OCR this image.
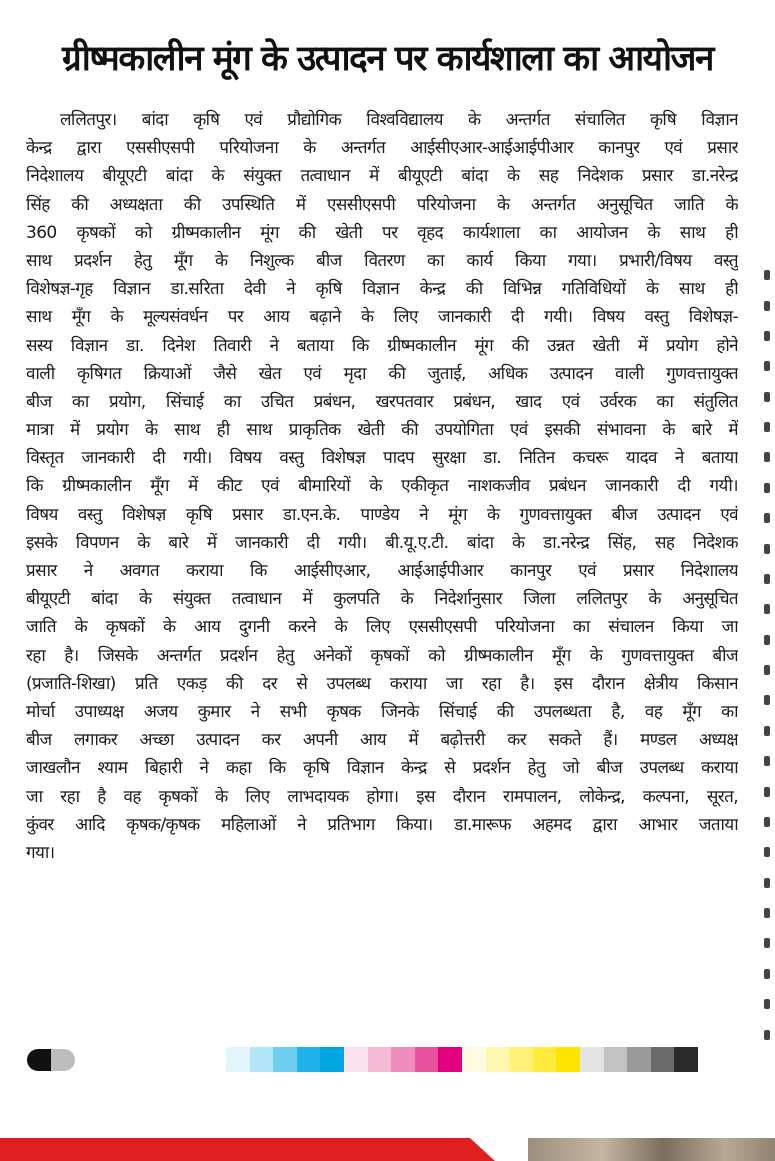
ग्रीष्मकालीन मूंग के उत्पादन पर कार्यशाला का आयोजन
ललितपुर। बांदा कृषि एवं प्रौद्योगिक विश्वविद्यालय के अन्तर्गत संचालित कृषि विज्ञान
केन्द्र द्वारा एससीएसपी परियोजना के अन्तर्गत आईसीएआर-आईआईपीआर कानपुर एवं प्रसार
निदेशालय बीयूएटी बांदा के संयुक्त तत्वाधान में बीयूएटी बांदा के सह निदेशक प्रसार डा.नरेन्द्र
सिंह की अध्यक्षता की उपस्थिति में एससीएसपी परियोजना के अन्तर्गत अनुसूचित जाति के
360 कृषकों को ग्रीष्मकालीन मूंग की खेती पर वृहद कार्यशाला का आयोजन के साथ ही
साथ प्रदर्शन हेतु मूँग के निशुल्क बीज वितरण का कार्य किया गया। प्रभारी/विषय वस्तु
विशेषज्ञ-गृह विज्ञान डा.सरिता देवी ने कृषि विज्ञान केन्द्र की विभिन्न गतिविधियों के साथ ही
साथ मूँग के मूल्यसंवर्धन पर आय बढ़ाने के लिए जानकारी दी गयी। विषय वस्तु विशेषज्ञ-
सस्य विज्ञान डा. दिनेश तिवारी ने बताया कि ग्रीष्मकालीन मूंग की उन्नत खेती में प्रयोग होने
वाली कृषिगत क्रियाओं जैसे खेत एवं मृदा की जुताई, अधिक उत्पादन वाली गुणवत्तायुक्त
बीज का प्रयोग, सिंचाई का उचित प्रबंधन, खरपतवार प्रबंधन, खाद एवं उर्वरक का संतुलित
मात्रा में प्रयोग के साथ ही साथ प्राकृतिक खेती की उपयोगिता एवं इसकी संभावना के बारे में
विस्तृत जानकारी दी गयी। विषय वस्तु विशेषज्ञ पादप सुरक्षा डा. नितिन कचरू यादव ने बताया
कि ग्रीष्मकालीन मूँग में कीट एवं बीमारियों के एकीकृत नाशकजीव प्रबंधन जानकारी दी गयी।
विषय वस्तु विशेषज्ञ कृषि प्रसार डा.एन.के. पाण्डेय ने मूंग के गुणवत्तायुक्त बीज उत्पादन एवं
इसके विपणन के बारे में जानकारी दी गयी। बी.यू.ए.टी. बांदा के डा.नरेन्द्र सिंह, सह निदेशक
प्रसार ने अवगत कराया कि आईसीएआर, आईआईपीआर कानपुर एवं प्रसार निदेशालय
बीयूएटी बांदा के संयुक्त तत्वाधान में कुलपति के निदेर्शानुसार जिला ललितपुर के अनुसूचित
जाति के कृषकों के आय दुगनी करने के लिए एससीएसपी परियोजना का संचालन किया जा
रहा है। जिसके अन्तर्गत प्रदर्शन हेतु अनेकों कृषकों को ग्रीष्मकालीन मूँग के गुणवत्तायुक्त बीज
(प्रजाति-शिखा) प्रति एकड़ की दर से उपलब्ध कराया जा रहा है। इस दौरान क्षेत्रीय किसान
मोर्चा उपाध्यक्ष अजय कुमार ने सभी कृषक जिनके सिंचाई की उपलब्धता है, वह मूँग का
बीज लगाकर अच्छा उत्पादन कर अपनी आय में बढ़ोत्तरी कर सकते हैं। मण्डल अध्यक्ष
जाखलौन श्याम बिहारी ने कहा कि कृषि विज्ञान केन्द्र से प्रदर्शन हेतु जो बीज उपलब्ध कराया
जा रहा है वह कृषकों के लिए लाभदायक होगा। इस दौरान रामपालन, लोकेन्द्र, कल्पना, सूरत,
कुंवर आदि कृषक/कृषक महिलाओं ने प्रतिभाग किया। डा.मारूफ अहमद द्वारा आभार जताया
गया।
